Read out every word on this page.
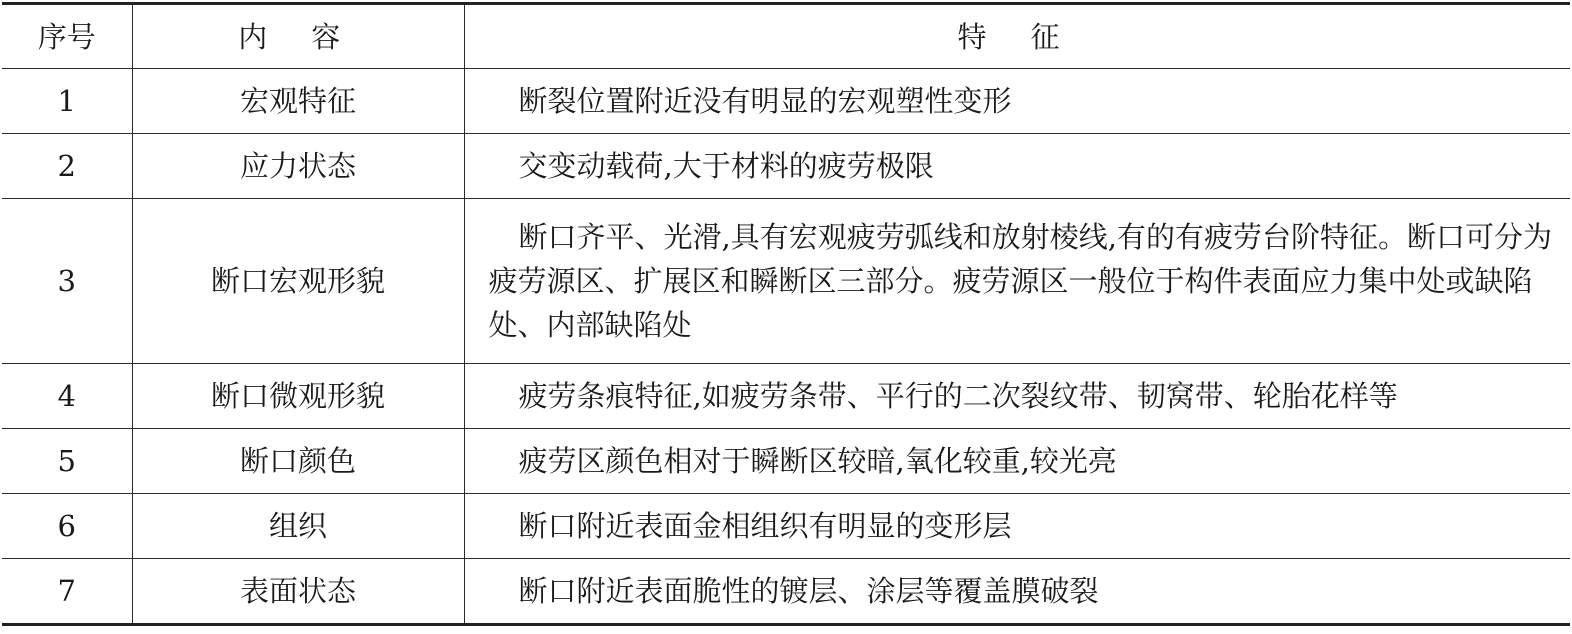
序号	内 容	特 征
1	宏观特征	断裂位置附近没有明显的宏观塑性变形
2	应力状态	交变动载荷,大于材料的疲劳极限
3	断口宏观形貌	断口齐平、光滑,具有宏观疲劳弧线和放射棱线,有的有疲劳台阶特征。断口可分为疲劳源区、扩展区和瞬断区三部分。疲劳源区一般位于构件表面应力集中处或缺陷处、内部缺陷处
4	断口微观形貌	疲劳条痕特征,如疲劳条带、平行的二次裂纹带、韧窝带、轮胎花样等
5	断口颜色	疲劳区颜色相对于瞬断区较暗,氧化较重,较光亮
6	组织	断口附近表面金相组织有明显的变形层
7	表面状态	断口附近表面脆性的镀层、涂层等覆盖膜破裂
